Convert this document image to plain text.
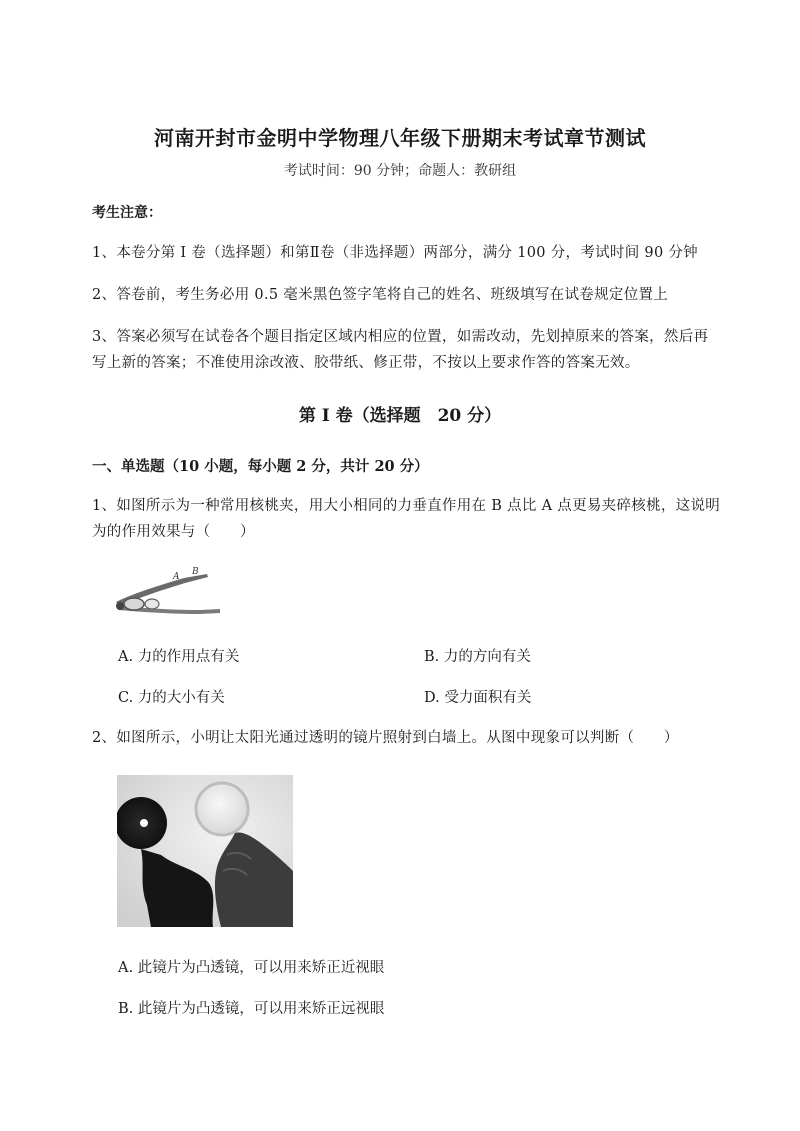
河南开封市金明中学物理八年级下册期末考试章节测试
考试时间：90 分钟；命题人：教研组
考生注意：
1、本卷分第 I 卷（选择题）和第Ⅱ卷（非选择题）两部分，满分 100 分，考试时间 90 分钟
2、答卷前，考生务必用 0.5 毫米黑色签字笔将自己的姓名、班级填写在试卷规定位置上
3、答案必须写在试卷各个题目指定区域内相应的位置，如需改动，先划掉原来的答案，然后再写上新的答案；不准使用涂改液、胶带纸、修正带，不按以上要求作答的答案无效。
第 I 卷（选择题　20 分）
一、单选题（10 小题，每小题 2 分，共计 20 分）
1、如图所示为一种常用核桃夹，用大小相同的力垂直作用在 B 点比 A 点更易夹碎核桃，这说明为的作用效果与（　　）
A B
A. 力的作用点有关	B. 力的方向有关
C. 力的大小有关	D. 受力面积有关
2、如图所示，小明让太阳光通过透明的镜片照射到白墙上。从图中现象可以判断（　　）
A. 此镜片为凸透镜，可以用来矫正近视眼
B. 此镜片为凸透镜，可以用来矫正远视眼
